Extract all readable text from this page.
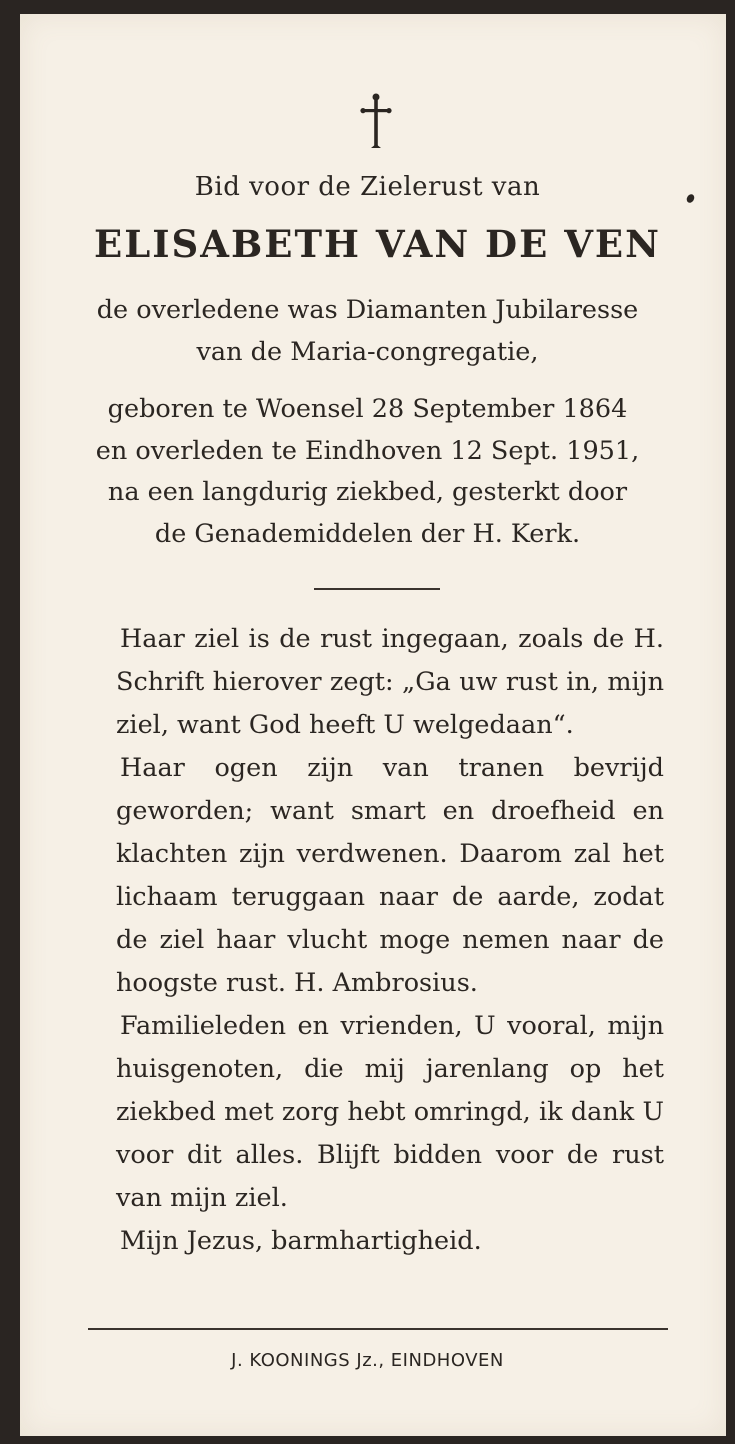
Bid voor de Zielerust van
ELISABETH VAN DE VEN
de overledene was Diamanten Jubilaresse
van de Maria-congregatie,
geboren te Woensel 28 September 1864
en overleden te Eindhoven 12 Sept. 1951,
na een langdurig ziekbed, gesterkt door
de Genademiddelen der H. Kerk.

Haar ziel is de rust ingegaan, zoals de H. Schrift hierover zegt: „Ga uw rust in, mijn ziel, want God heeft U welgedaan“.

Haar ogen zijn van tranen bevrijd geworden; want smart en droefheid en klachten zijn verdwenen. Daarom zal het lichaam teruggaan naar de aarde, zodat de ziel haar vlucht moge nemen naar de hoogste rust. H. Ambrosius.

Familieleden en vrienden, U vooral, mijn huisgenoten, die mij jarenlang op het ziekbed met zorg hebt omringd, ik dank U voor dit alles. Blijft bidden voor de rust van mijn ziel.

Mijn Jezus, barmhartigheid.

J. KOONINGS Jz., EINDHOVEN
